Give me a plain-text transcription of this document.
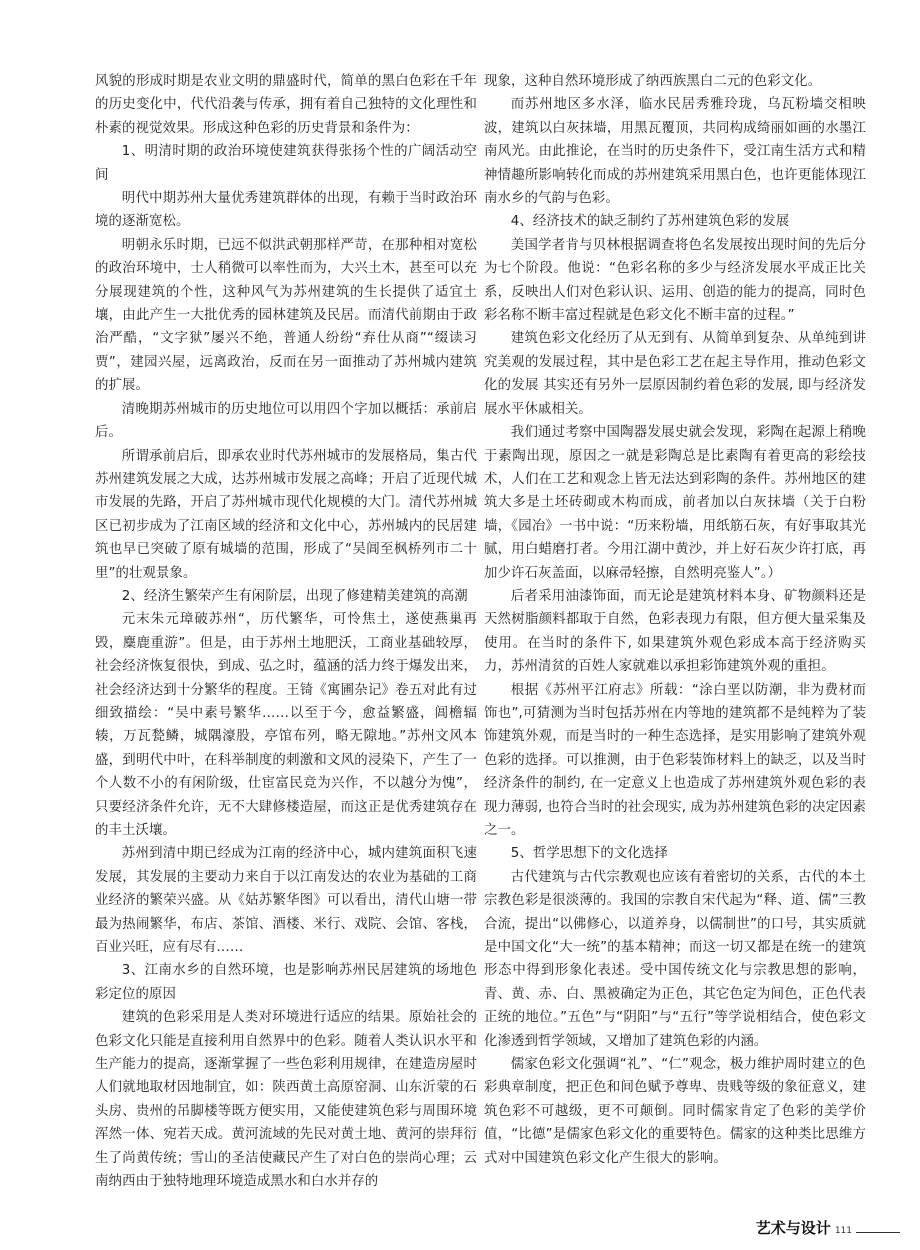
风貌的形成时期是农业文明的鼎盛时代，简单的黑白色彩在千年的历史变化中，代代沿袭与传承，拥有着自己独特的文化理性和朴素的视觉效果。形成这种色彩的历史背景和条件为：

1、明清时期的政治环境使建筑获得张扬个性的广阔活动空间

明代中期苏州大量优秀建筑群体的出现，有赖于当时政治环境的逐渐宽松。

明朝永乐时期，已远不似洪武朝那样严苛，在那种相对宽松的政治环境中，士人稍微可以率性而为，大兴土木，甚至可以充分展现建筑的个性，这种风气为苏州建筑的生长提供了适宜土壤，由此产生一大批优秀的园林建筑及民居。而清代前期由于政治严酷，“文字狱”屡兴不绝，普通人纷纷“弃仕从商”“缀读习贾”，建园兴屋，远离政治，反而在另一面推动了苏州城内建筑的扩展。

清晚期苏州城市的历史地位可以用四个字加以概括：承前启后。

所谓承前启后，即承农业时代苏州城市的发展格局，集古代苏州建筑发展之大成，达苏州城市发展之高峰；开启了近现代城市发展的先路，开启了苏州城市现代化规模的大门。清代苏州城区已初步成为了江南区域的经济和文化中心，苏州城内的民居建筑也早已突破了原有城墙的范围，形成了“吴阊至枫桥列市二十里”的壮观景象。

2、经济生繁荣产生有闲阶层，出现了修建精美建筑的高潮

元末朱元璋破苏州“，历代繁华，可怜焦土，遂使燕巢再毁，麋鹿重游”。但是，由于苏州土地肥沃，工商业基础较厚，社会经济恢复很快，到成、弘之时，蕴涵的活力终于爆发出来，社会经济达到十分繁华的程度。王锜《寓圃杂记》卷五对此有过细致描绘：“吴中素号繁华……以至于今，愈益繁盛，阊檐辐辏，万瓦甃鳞，城隅濠股，亭馆布列，略无隙地。”苏州文风本盛，到明代中叶，在科举制度的刺激和文风的浸染下，产生了一个人数不小的有闲阶级，仕宦富民竞为兴作，不以越分为愧”，只要经济条件允许，无不大肆修楼造屋，而这正是优秀建筑存在的丰土沃壤。

苏州到清中期已经成为江南的经济中心，城内建筑面积飞速发展，其发展的主要动力来自于以江南发达的农业为基础的工商业经济的繁荣兴盛。从《姑苏繁华图》可以看出，清代山塘一带最为热闹繁华，布店、茶馆、酒楼、米行、戏院、会馆、客栈，百业兴旺，应有尽有……

3、江南水乡的自然环境，也是影响苏州民居建筑的场地色彩定位的原因

建筑的色彩采用是人类对环境进行适应的结果。原始社会的色彩文化只能是直接利用自然界中的色彩。随着人类认识水平和生产能力的提高，逐渐掌握了一些色彩利用规律，在建造房屋时人们就地取材因地制宜，如：陕西黄土高原窑洞、山东沂蒙的石头房、贵州的吊脚楼等既方便实用，又能使建筑色彩与周围环境浑然一体、宛若天成。黄河流域的先民对黄土地、黄河的崇拜衍生了尚黄传统；雪山的圣洁使藏民产生了对白色的崇尚心理；云南纳西由于独特地理环境造成黑水和白水并存的

现象，这种自然环境形成了纳西族黑白二元的色彩文化。

而苏州地区多水泽，临水民居秀雅玲珑，乌瓦粉墙交相映波，建筑以白灰抹墙，用黑瓦覆顶，共同构成绮丽如画的水墨江南风光。由此推论，在当时的历史条件下，受江南生活方式和精神情趣所影响转化而成的苏州建筑采用黑白色，也许更能体现江南水乡的气韵与色彩。

4、经济技术的缺乏制约了苏州建筑色彩的发展

美国学者肯与贝林根据调查将色名发展按出现时间的先后分为七个阶段。他说：“色彩名称的多少与经济发展水平成正比关系，反映出人们对色彩认识、运用、创造的能力的提高，同时色彩名称不断丰富过程就是色彩文化不断丰富的过程。”

建筑色彩文化经历了从无到有、从简单到复杂、从单纯到讲究美观的发展过程，其中是色彩工艺在起主导作用，推动色彩文化的发展 其实还有另外一层原因制约着色彩的发展, 即与经济发展水平休戚相关。

我们通过考察中国陶器发展史就会发现，彩陶在起源上稍晚于素陶出现，原因之一就是彩陶总是比素陶有着更高的彩绘技术，人们在工艺和观念上皆无法达到彩陶的条件。苏州地区的建筑大多是土坯砖砌或木构而成，前者加以白灰抹墙（关于白粉墙，《园冶》一书中说：“历来粉墙，用纸筋石灰，有好事取其光腻，用白蜡磨打者。今用江湖中黄沙，并上好石灰少许打底，再加少许石灰盖面，以麻帚轻擦，自然明亮鉴人”。）

后者采用油漆饰面，而无论是建筑材料本身、矿物颜料还是天然树脂颜料都取于自然，色彩表现力有限，但方便大量采集及使用。在当时的条件下, 如果建筑外观色彩成本高于经济购买力，苏州清贫的百姓人家就难以承担彩饰建筑外观的重担。

根据《苏州平江府志》所载：“涂白垩以防潮，非为费材而饰也”,可猜测为当时包括苏州在内等地的建筑都不是纯粹为了装饰建筑外观，而是当时的一种生态选择，是实用影响了建筑外观色彩的选择。可以推测，由于色彩装饰材料上的缺乏，以及当时经济条件的制约, 在一定意义上也造成了苏州建筑外观色彩的表现力薄弱, 也符合当时的社会现实, 成为苏州建筑色彩的决定因素之一。

5、哲学思想下的文化选择

古代建筑与古代宗教观也应该有着密切的关系，古代的本土宗教色彩是很淡薄的。我国的宗教自宋代起为“释、道、儒”三教合流，提出“以佛修心，以道养身，以儒制世”的口号，其实质就是中国文化“大一统”的基本精神；而这一切又都是在统一的建筑形态中得到形象化表述。受中国传统文化与宗教思想的影响，青、黄、赤、白、黑被确定为正色，其它色定为间色，正色代表正统的地位。”五色”与“阴阳”与“五行”等学说相结合，使色彩文化渗透到哲学领域，又增加了建筑色彩的内涵。

儒家色彩文化强调“礼”、“仁”观念，极力维护周时建立的色彩典章制度，把正色和间色赋予尊卑、贵贱等级的象征意义，建筑色彩不可越级，更不可颠倒。同时儒家肯定了色彩的美学价值，“比德”是儒家色彩文化的重要特色。儒家的这种类比思维方式对中国建筑色彩文化产生很大的影响。

艺术与设计 111
